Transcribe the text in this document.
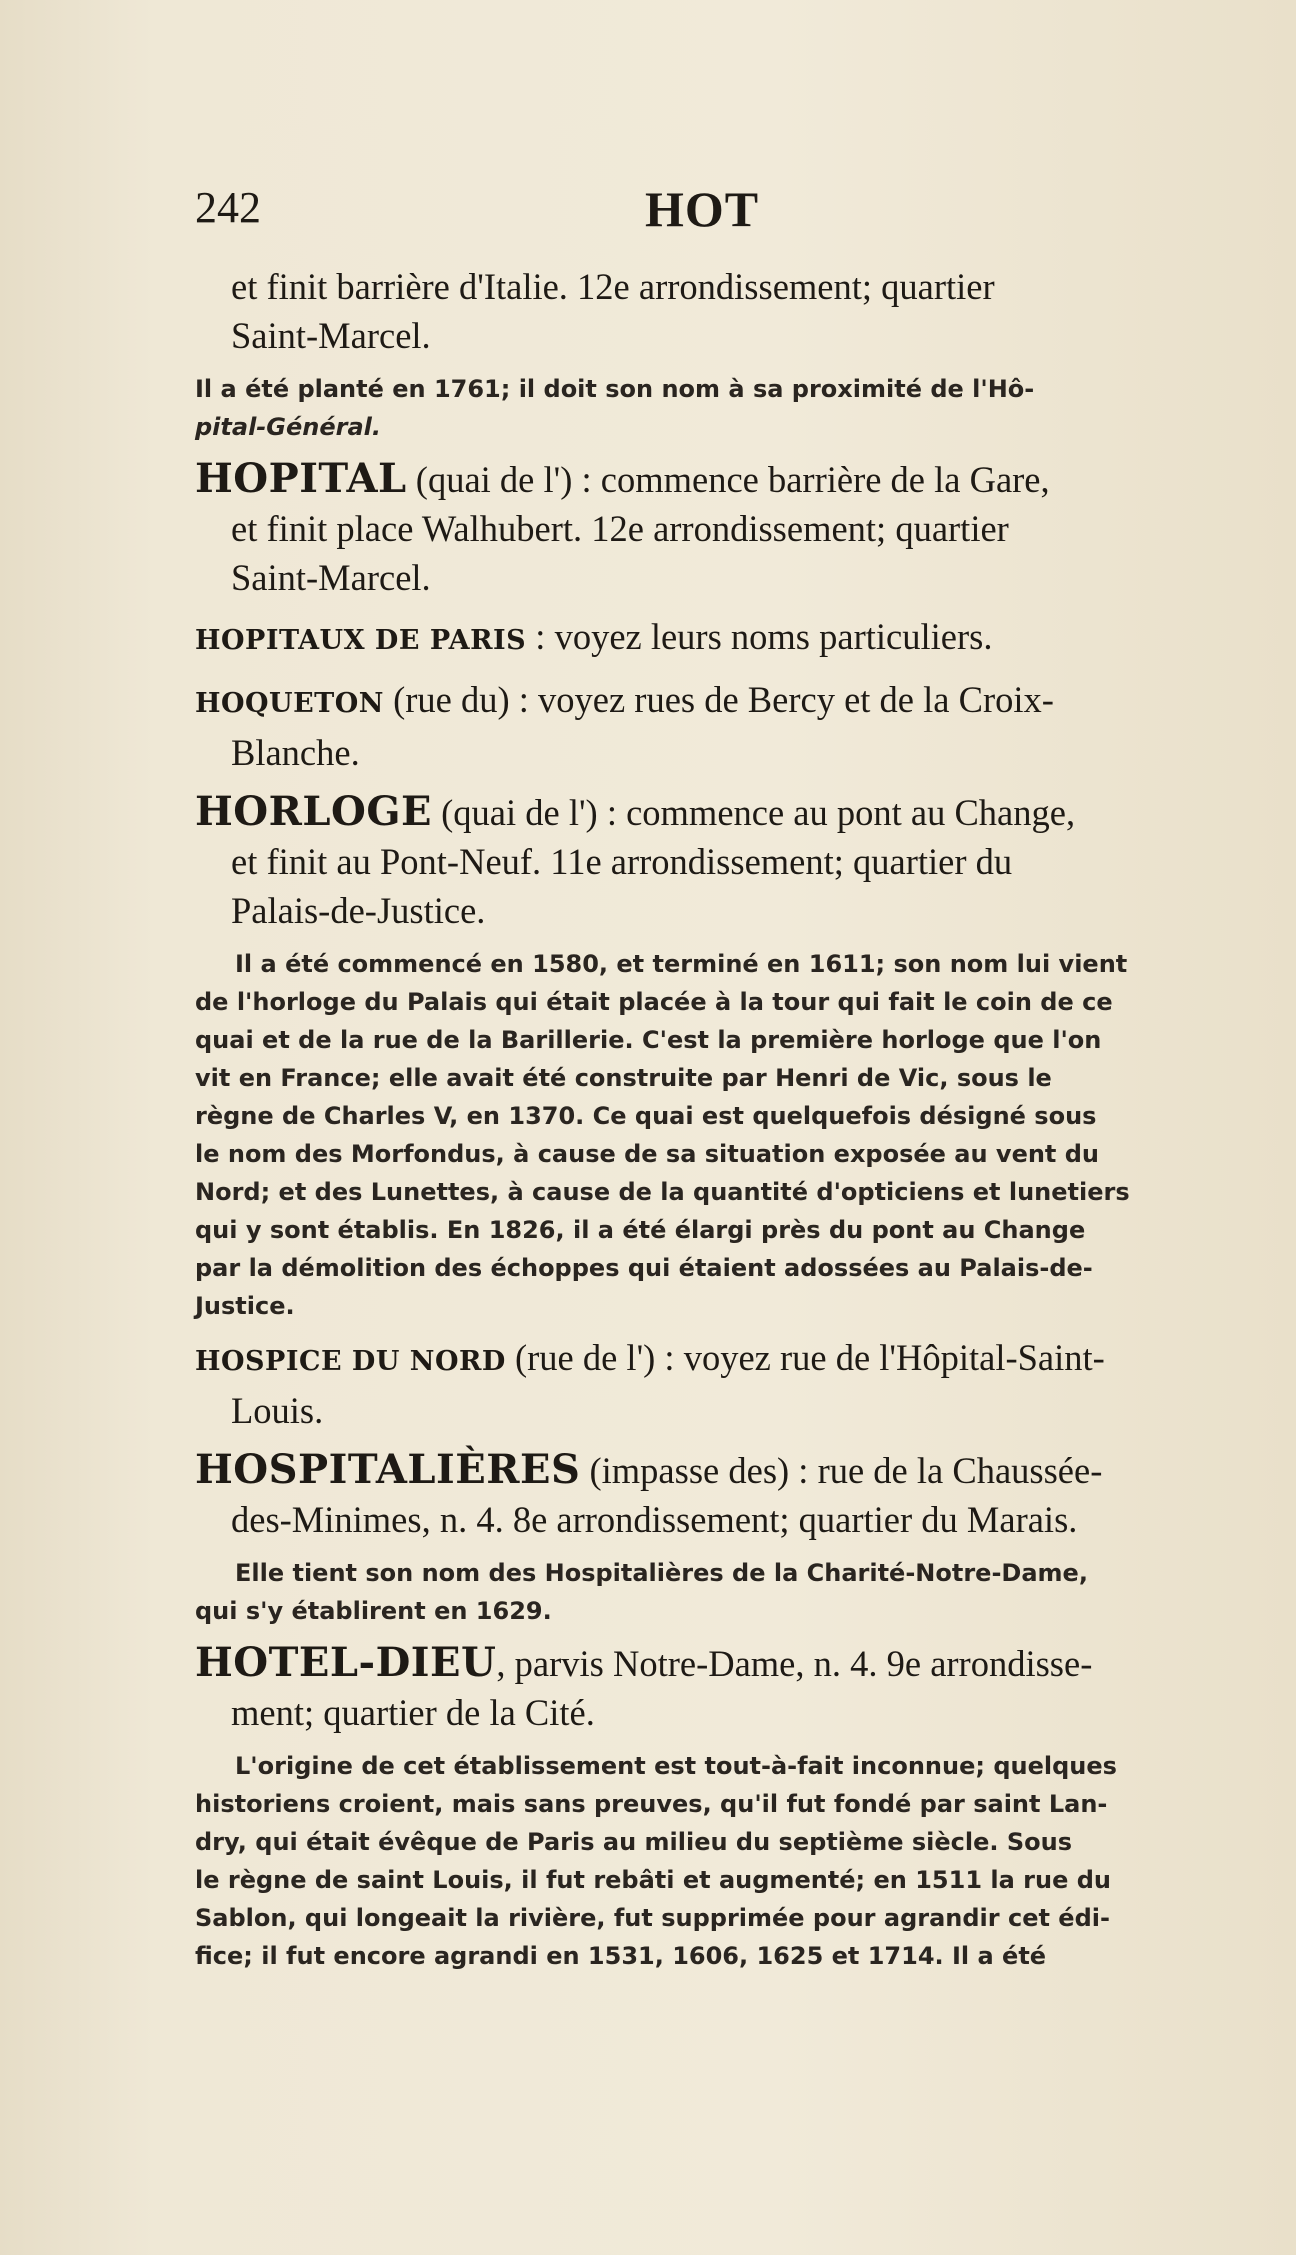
242	HOT
et finit barrière d'Italie. 12e arrondissement; quartier
Saint-Marcel.
Il a été planté en 1761; il doit son nom à sa proximité de l'Hô-
pital-Général.
HOPITAL (quai de l') : commence barrière de la Gare,
et finit place Walhubert. 12e arrondissement; quartier
Saint-Marcel.
HOPITAUX DE PARIS : voyez leurs noms particuliers.
HOQUETON (rue du) : voyez rues de Bercy et de la Croix-
Blanche.
HORLOGE (quai de l') : commence au pont au Change,
et finit au Pont-Neuf. 11e arrondissement; quartier du
Palais-de-Justice.
Il a été commencé en 1580, et terminé en 1611; son nom lui vient
de l'horloge du Palais qui était placée à la tour qui fait le coin de ce
quai et de la rue de la Barillerie. C'est la première horloge que l'on
vit en France; elle avait été construite par Henri de Vic, sous le
règne de Charles V, en 1370. Ce quai est quelquefois désigné sous
le nom des Morfondus, à cause de sa situation exposée au vent du
Nord; et des Lunettes, à cause de la quantité d'opticiens et lunetiers
qui y sont établis. En 1826, il a été élargi près du pont au Change
par la démolition des échoppes qui étaient adossées au Palais-de-
Justice.
HOSPICE DU NORD (rue de l') : voyez rue de l'Hôpital-Saint-
Louis.
HOSPITALIÈRES (impasse des) : rue de la Chaussée-
des-Minimes, n. 4. 8e arrondissement; quartier du Marais.
Elle tient son nom des Hospitalières de la Charité-Notre-Dame,
qui s'y établirent en 1629.
HOTEL-DIEU, parvis Notre-Dame, n. 4. 9e arrondisse-
ment; quartier de la Cité.
L'origine de cet établissement est tout-à-fait inconnue; quelques
historiens croient, mais sans preuves, qu'il fut fondé par saint Lan-
dry, qui était évêque de Paris au milieu du septième siècle. Sous
le règne de saint Louis, il fut rebâti et augmenté; en 1511 la rue du
Sablon, qui longeait la rivière, fut supprimée pour agrandir cet édi-
fice; il fut encore agrandi en 1531, 1606, 1625 et 1714. Il a été
